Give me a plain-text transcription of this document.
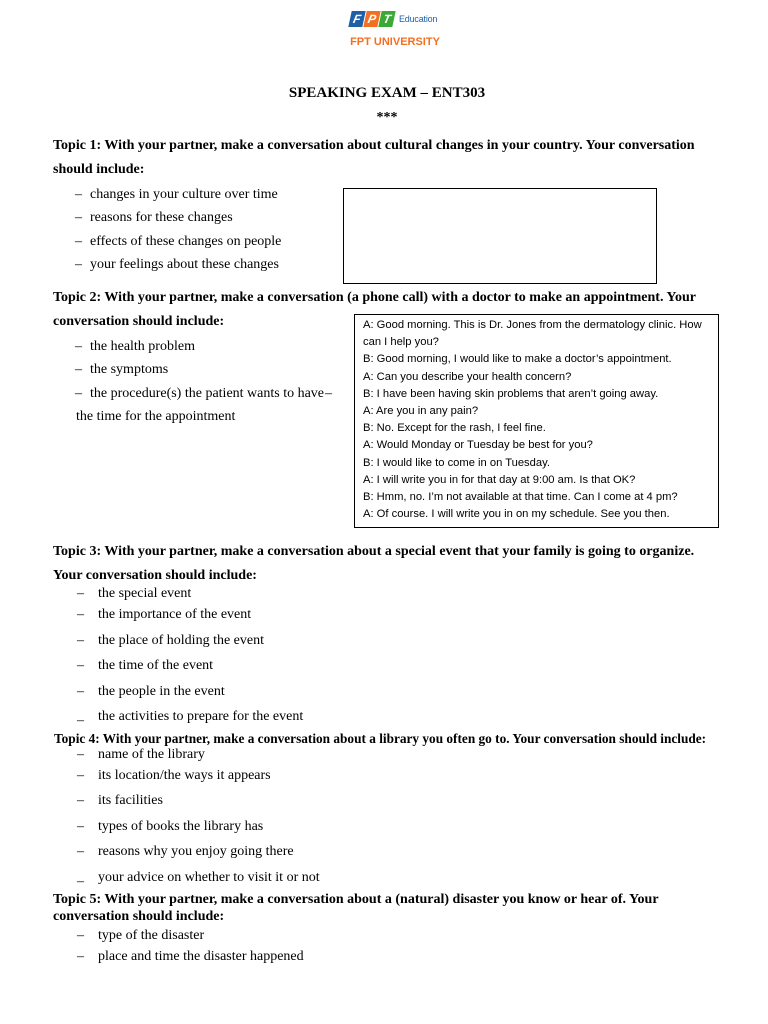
F P T Education
FPT UNIVERSITY
SPEAKING EXAM – ENT303
***
Topic 1: With your partner, make a conversation about cultural changes in your country. Your conversation
should include:
– changes in your culture over time
– reasons for these changes
– effects of these changes on people
– your feelings about these changes
Topic 2: With your partner, make a conversation (a phone call) with a doctor to make an appointment. Your
conversation should include:
– the health problem
– the symptoms
– the procedure(s) the patient wants to have –
the time for the appointment
A: Good morning. This is Dr. Jones from the dermatology clinic. How
can I help you?
B: Good morning, I would like to make a doctor’s appointment.
A: Can you describe your health concern?
B: I have been having skin problems that aren’t going away.
A: Are you in any pain?
B: No. Except for the rash, I feel fine.
A: Would Monday or Tuesday be best for you?
B: I would like to come in on Tuesday.
A: I will write you in for that day at 9:00 am. Is that OK?
B: Hmm, no. I’m not available at that time. Can I come at 4 pm?
A: Of course. I will write you in on my schedule. See you then.
Topic 3: With your partner, make a conversation about a special event that your family is going to organize.
Your conversation should include:
– the special event
– the importance of the event
– the place of holding the event
– the time of the event
– the people in the event
– the activities to prepare for the event
Topic 4: With your partner, make a conversation about a library you often go to. Your conversation should include:
– name of the library
– its location/the ways it appears
– its facilities
– types of books the library has
– reasons why you enjoy going there
– your advice on whether to visit it or not
Topic 5: With your partner, make a conversation about a (natural) disaster you know or hear of. Your
conversation should include:
– type of the disaster
– place and time the disaster happened
